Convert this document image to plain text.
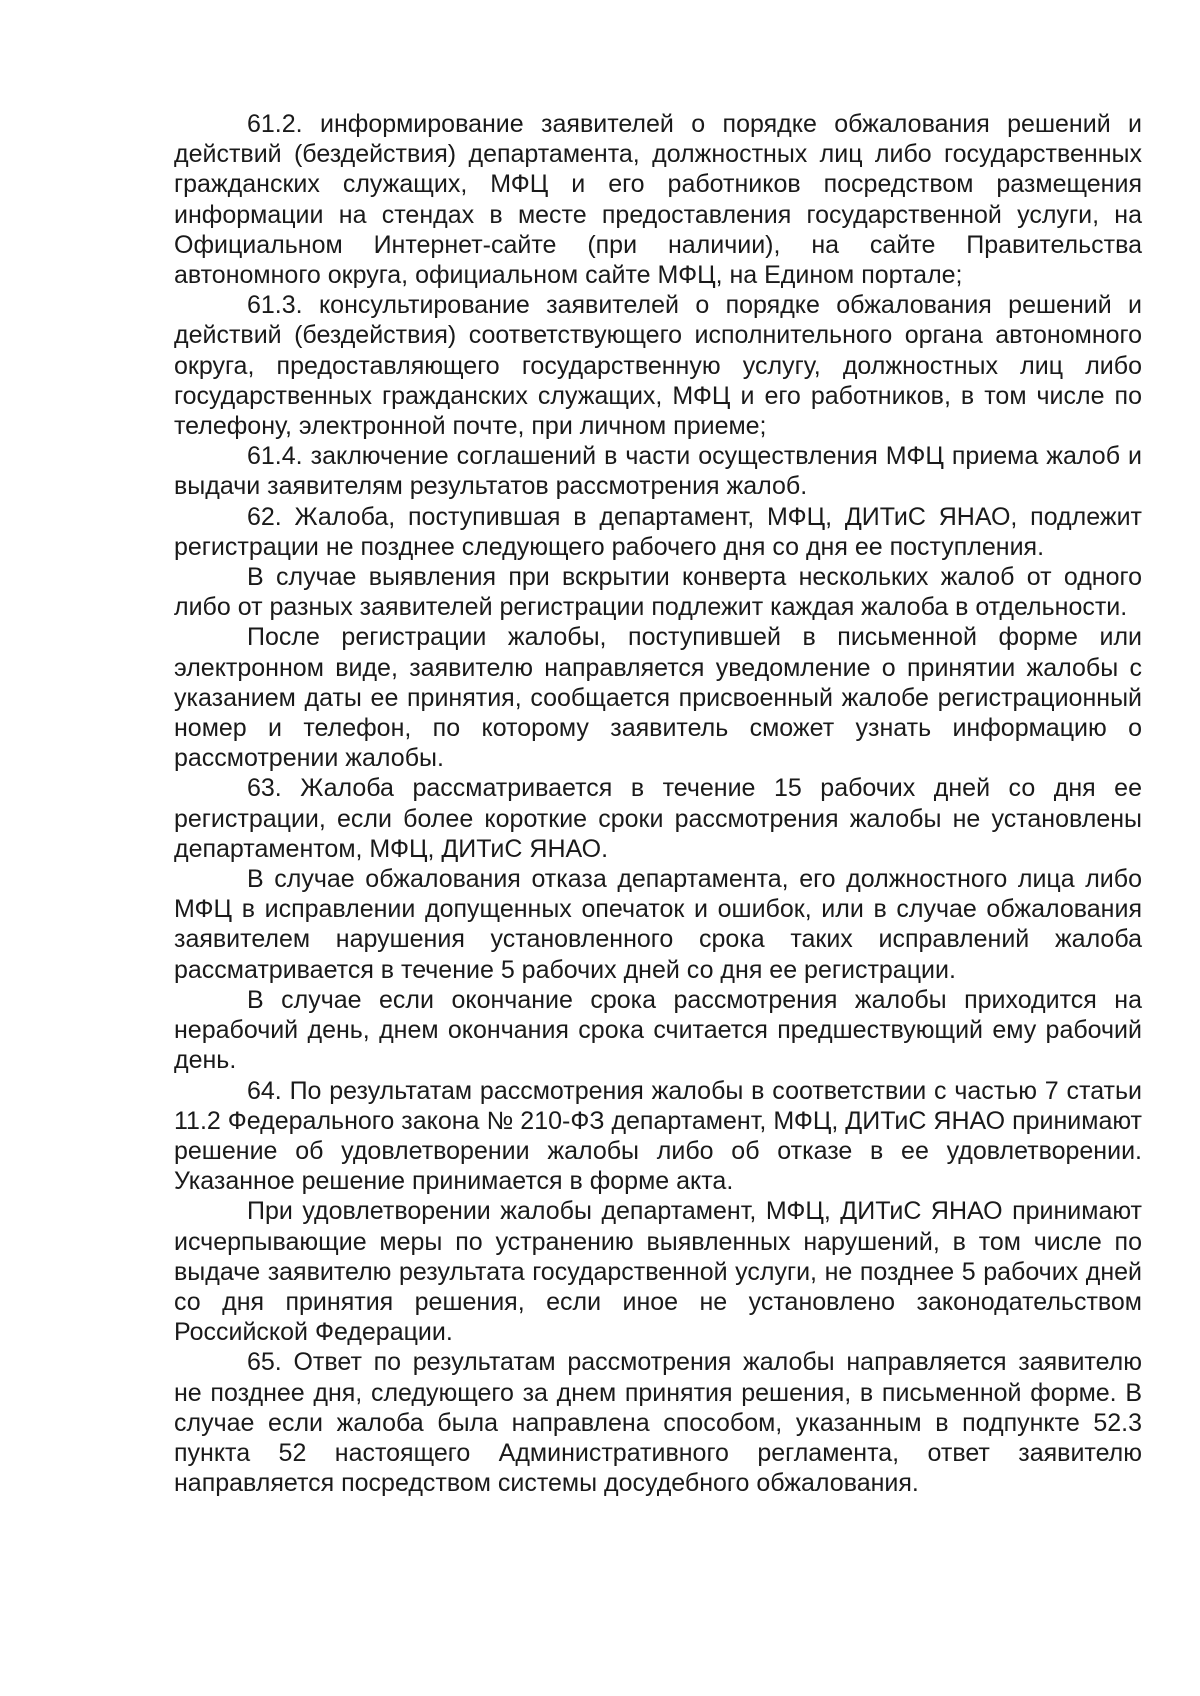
61.2. информирование заявителей о порядке обжалования решений и действий (бездействия) департамента, должностных лиц либо государственных гражданских служащих, МФЦ и его работников посредством размещения информации на стендах в месте предоставления государственной услуги, на Официальном Интернет-сайте (при наличии), на сайте Правительства автономного округа, официальном сайте МФЦ, на Едином портале;

61.3. консультирование заявителей о порядке обжалования решений и действий (бездействия) соответствующего исполнительного органа автономного округа, предоставляющего государственную услугу, должностных лиц либо государственных гражданских служащих, МФЦ и его работников, в том числе по телефону, электронной почте, при личном приеме;

61.4. заключение соглашений в части осуществления МФЦ приема жалоб и выдачи заявителям результатов рассмотрения жалоб.

62. Жалоба, поступившая в департамент, МФЦ, ДИТиС ЯНАО, подлежит регистрации не позднее следующего рабочего дня со дня ее поступления.

В случае выявления при вскрытии конверта нескольких жалоб от одного либо от разных заявителей регистрации подлежит каждая жалоба в отдельности.

После регистрации жалобы, поступившей в письменной форме или электронном виде, заявителю направляется уведомление о принятии жалобы с указанием даты ее принятия, сообщается присвоенный жалобе регистрационный номер и телефон, по которому заявитель сможет узнать информацию о рассмотрении жалобы.

63. Жалоба рассматривается в течение 15 рабочих дней со дня ее регистрации, если более короткие сроки рассмотрения жалобы не установлены департаментом, МФЦ, ДИТиС ЯНАО.

В случае обжалования отказа департамента, его должностного лица либо МФЦ в исправлении допущенных опечаток и ошибок, или в случае обжалования заявителем нарушения установленного срока таких исправлений жалоба рассматривается в течение 5 рабочих дней со дня ее регистрации.

В случае если окончание срока рассмотрения жалобы приходится на нерабочий день, днем окончания срока считается предшествующий ему рабочий день.

64. По результатам рассмотрения жалобы в соответствии с частью 7 статьи 11.2 Федерального закона № 210-ФЗ департамент, МФЦ, ДИТиС ЯНАО принимают решение об удовлетворении жалобы либо об отказе в ее удовлетворении. Указанное решение принимается в форме акта.

При удовлетворении жалобы департамент, МФЦ, ДИТиС ЯНАО принимают исчерпывающие меры по устранению выявленных нарушений, в том числе по выдаче заявителю результата государственной услуги, не позднее 5 рабочих дней со дня принятия решения, если иное не установлено законодательством Российской Федерации.

65. Ответ по результатам рассмотрения жалобы направляется заявителю не позднее дня, следующего за днем принятия решения, в письменной форме. В случае если жалоба была направлена способом, указанным в подпункте 52.3 пункта 52 настоящего Административного регламента, ответ заявителю направляется посредством системы досудебного обжалования.
